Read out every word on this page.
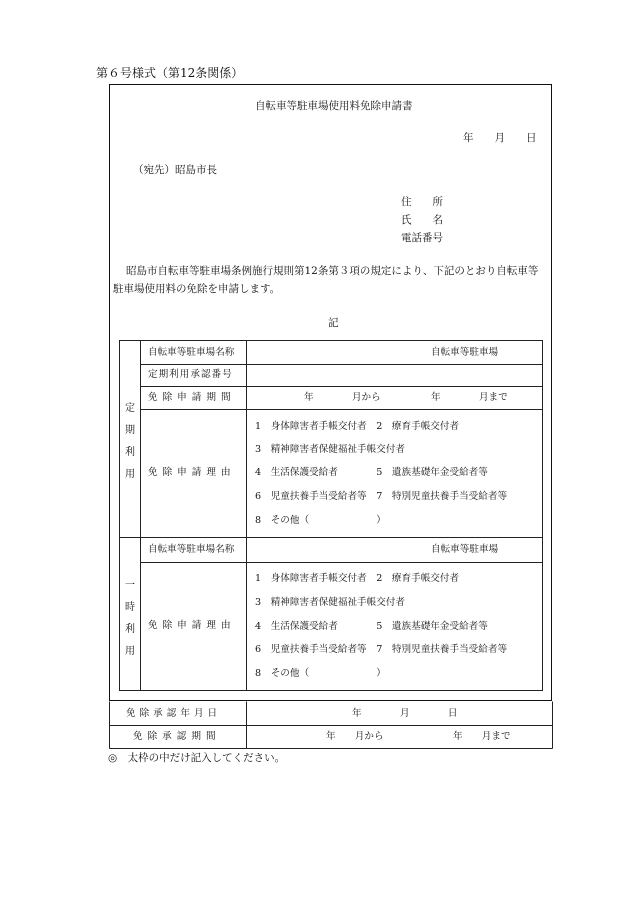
第６号様式（第12条関係）
自転車等駐車場使用料免除申請書
年　　月　　日
（宛先）昭島市長
住　　所
氏　　名
電話番号
昭島市自転車等駐車場条例施行規則第12条第３項の規定により、下記のとおり自転車等
駐車場使用料の免除を申請します。
記
定期利用
自転車等駐車場名称	自転車等駐車場
定期利用承認番号
免除申請期間	年　　　　月から	年　　　　月まで
免除申請理由
1　身体障害者手帳交付者　2　療育手帳交付者
3　精神障害者保健福祉手帳交付者
4　生活保護受給者　　　　5　遺族基礎年金受給者等
6　児童扶養手当受給者等　7　特別児童扶養手当受給者等
8　その他（　　　　　　　）
一時利用
自転車等駐車場名称	自転車等駐車場
免除申請理由
1　身体障害者手帳交付者　2　療育手帳交付者
3　精神障害者保健福祉手帳交付者
4　生活保護受給者　　　　5　遺族基礎年金受給者等
6　児童扶養手当受給者等　7　特別児童扶養手当受給者等
8　その他（　　　　　　　）
免除承認年月日	年　　　　月　　　　日
免除承認期間	年　　月から	年　　月まで
◎　太枠の中だけ記入してください。
